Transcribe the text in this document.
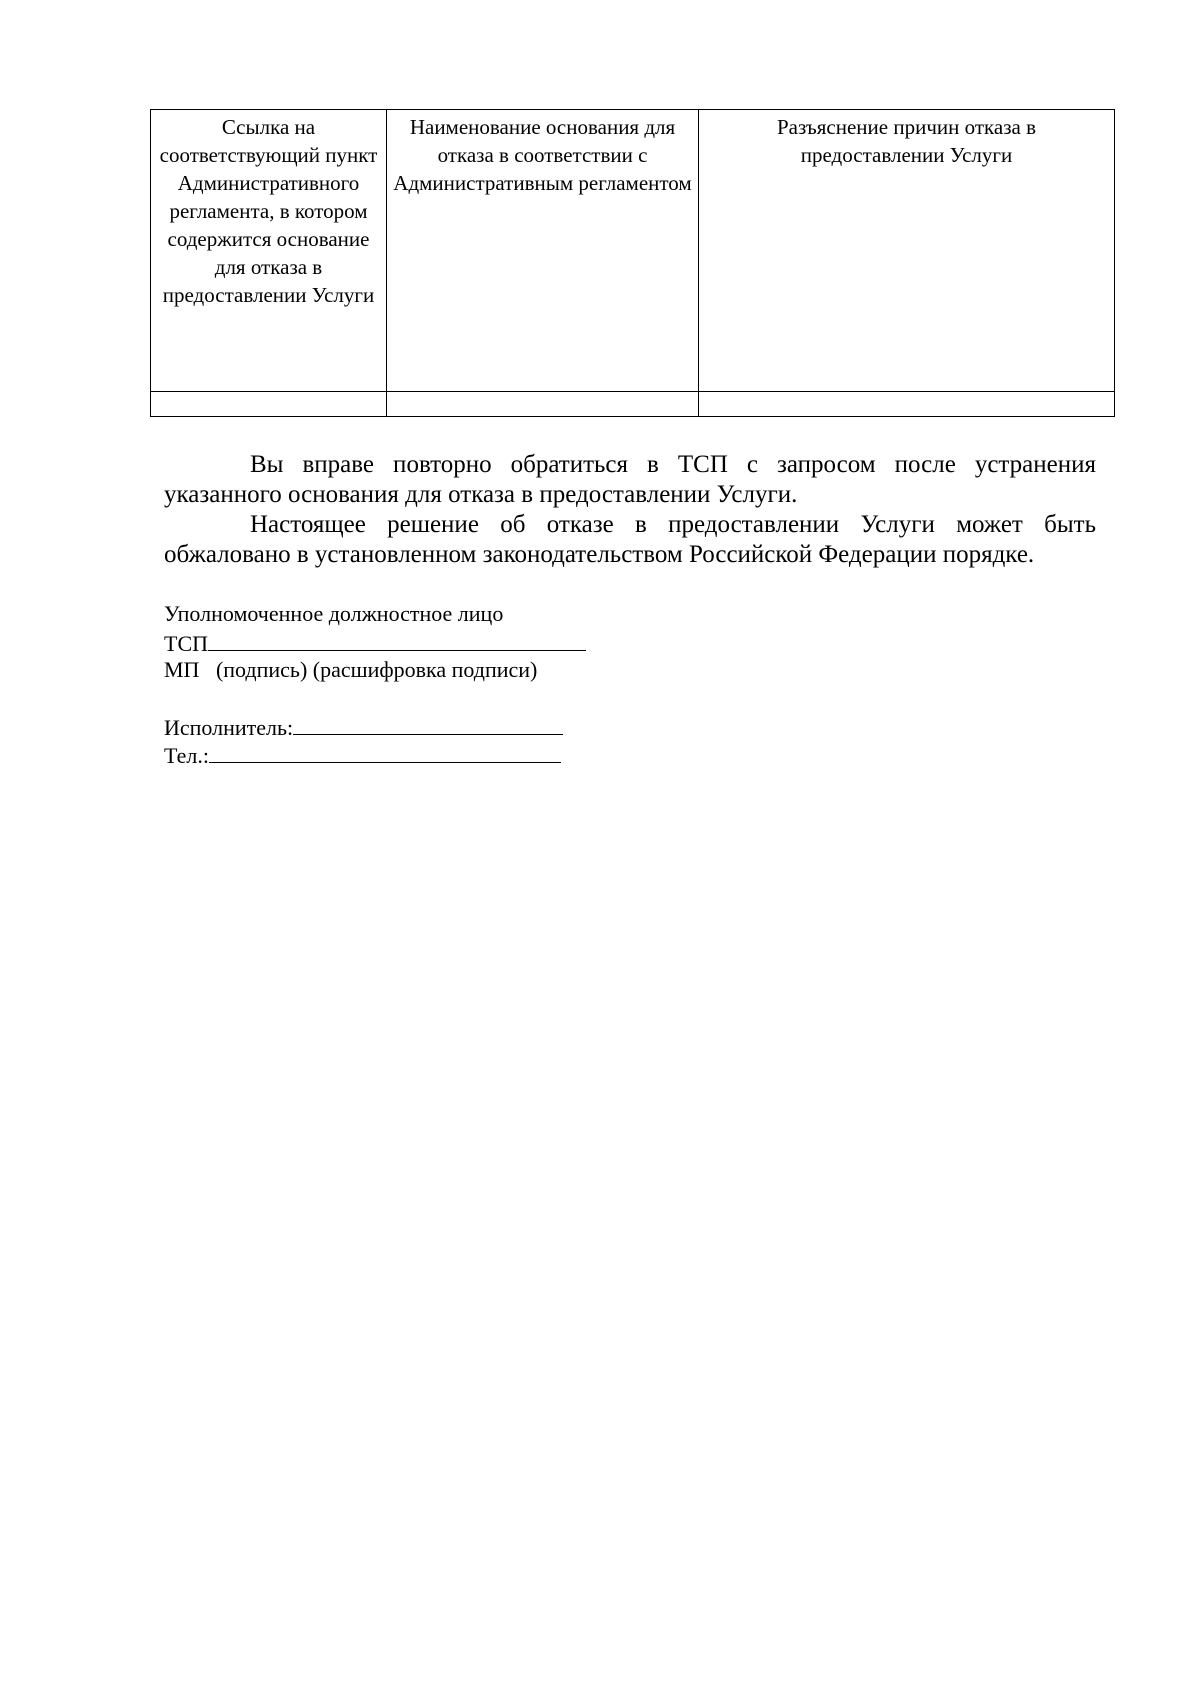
Ссылка на соответствующий пункт Административного регламента, в котором содержится основание для отказа в предоставлении Услуги	Наименование основания для отказа в соответствии с Административным регламентом	Разъяснение причин отказа в предоставлении Услуги

Вы вправе повторно обратиться в ТСП с запросом после устранения указанного основания для отказа в предоставлении Услуги.

Настоящее решение об отказе в предоставлении Услуги может быть обжаловано в установленном законодательством Российской Федерации порядке.

Уполномоченное должностное лицо
ТСП
МП (подпись) (расшифровка подписи)
Исполнитель:
Тел.:
